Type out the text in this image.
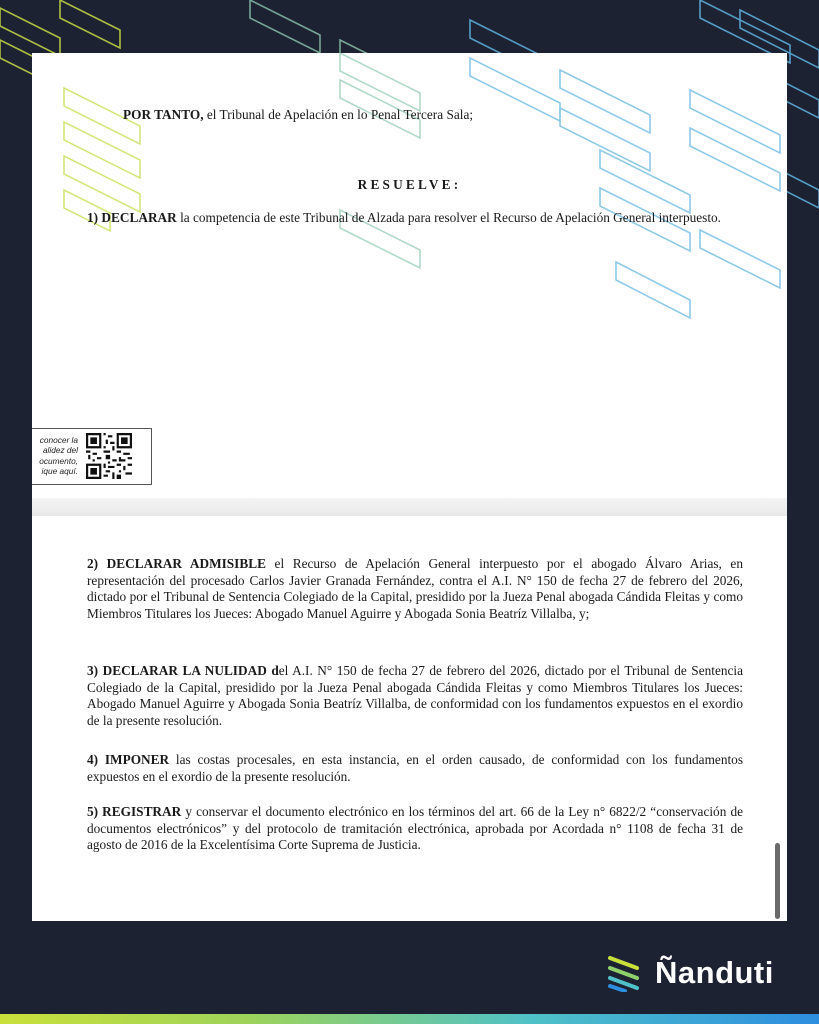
POR TANTO, el Tribunal de Apelación en lo Penal Tercera Sala;

RESUELVE:

1) DECLARAR la competencia de este Tribunal de Alzada para resolver el Recurso de Apelación General interpuesto.

conocer la
alidez del
ocumento,
ique aquí.

2) DECLARAR ADMISIBLE el Recurso de Apelación General interpuesto por el abogado Álvaro Arias, en representación del procesado Carlos Javier Granada Fernández, contra el A.I. N° 150 de fecha 27 de febrero del 2026, dictado por el Tribunal de Sentencia Colegiado de la Capital, presidido por la Jueza Penal abogada Cándida Fleitas y como Miembros Titulares los Jueces: Abogado Manuel Aguirre y Abogada Sonia Beatríz Villalba, y;

3) DECLARAR LA NULIDAD del A.I. N° 150 de fecha 27 de febrero del 2026, dictado por el Tribunal de Sentencia Colegiado de la Capital, presidido por la Jueza Penal abogada Cándida Fleitas y como Miembros Titulares los Jueces: Abogado Manuel Aguirre y Abogada Sonia Beatríz Villalba, de conformidad con los fundamentos expuestos en el exordio de la presente resolución.

4) IMPONER las costas procesales, en esta instancia, en el orden causado, de conformidad con los fundamentos expuestos en el exordio de la presente resolución.

5) REGISTRAR y conservar el documento electrónico en los términos del art. 66 de la Ley n° 6822/2 “conservación de documentos electrónicos” y del protocolo de tramitación electrónica, aprobada por Acordada n° 1108 de fecha 31 de agosto de 2016 de la Excelentísima Corte Suprema de Justicia.

Ñanduti
